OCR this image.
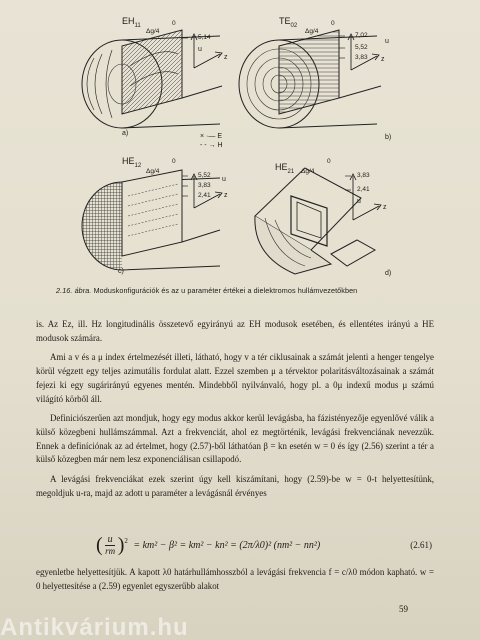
$EH_{11}$
Δg/4
0
5,14
u
z
a)
$TE_{02}$
Δg/4
0
7,02
5,52
3,83
u
z
b)
× ·— E
- - → H
$HE_{12}$
Δg/4
0
5,52
3,83
2,41
u
z
c)
$HE_{21}$ Δg/4
0
3,83
2,41
u
z
d)
2.16. ábra. Moduskonfigurációk és az u paraméter értékei a dielektromos hullámvezetőkben

is. Az Ez, ill. Hz longitudinális összetevő egyirányú az EH modusok esetében, és ellentétes irányú a HE modusok számára.

Ami a v és a μ index értelmezését illeti, látható, hogy v a tér ciklusainak a számát jelenti a henger tengelye körül végzett egy teljes azimutális fordulat alatt. Ezzel szemben μ a térvektor polaritásváltozásainak a számát fejezi ki egy sugárirányú egyenes mentén. Mindebből nyilvánvaló, hogy pl. a 0μ indexű modus μ számú világító körből áll.

Definiciószerűen azt mondjuk, hogy egy modus akkor kerül levágásba, ha fázistényezője egyenlővé válik a külső közegbeni hullámszámmal. Azt a frekvenciát, ahol ez megtörténik, levágási frekvenciának nevezzük. Ennek a definíciónak az ad értelmet, hogy (2.57)-ből láthatóan β = kn esetén w = 0 és így (2.56) szerint a tér a külső közegben már nem lesz exponenciálisan csillapodó.

A levágási frekvenciákat ezek szerint úgy kell kiszámítani, hogy (2.59)-be w = 0-t helyettesítünk, megoldjuk u-ra, majd az adott u paraméter a levágásnál érvényes

( $\frac{u}{rm} )^2 = km^2 - \beta^2 = km^2 - kn^2 = (2\pi/\lambda 0)^2$ (nm² − nn²)	(2.61)

egyenletbe helyettesítjük. A kapott λ0 határhullámhosszból a levágási frekvencia f = c/λ0 módon kapható. w = 0 helyettesítése a (2.59) egyenlet egyszerűbb alakot

59
Antikvárium.hu
